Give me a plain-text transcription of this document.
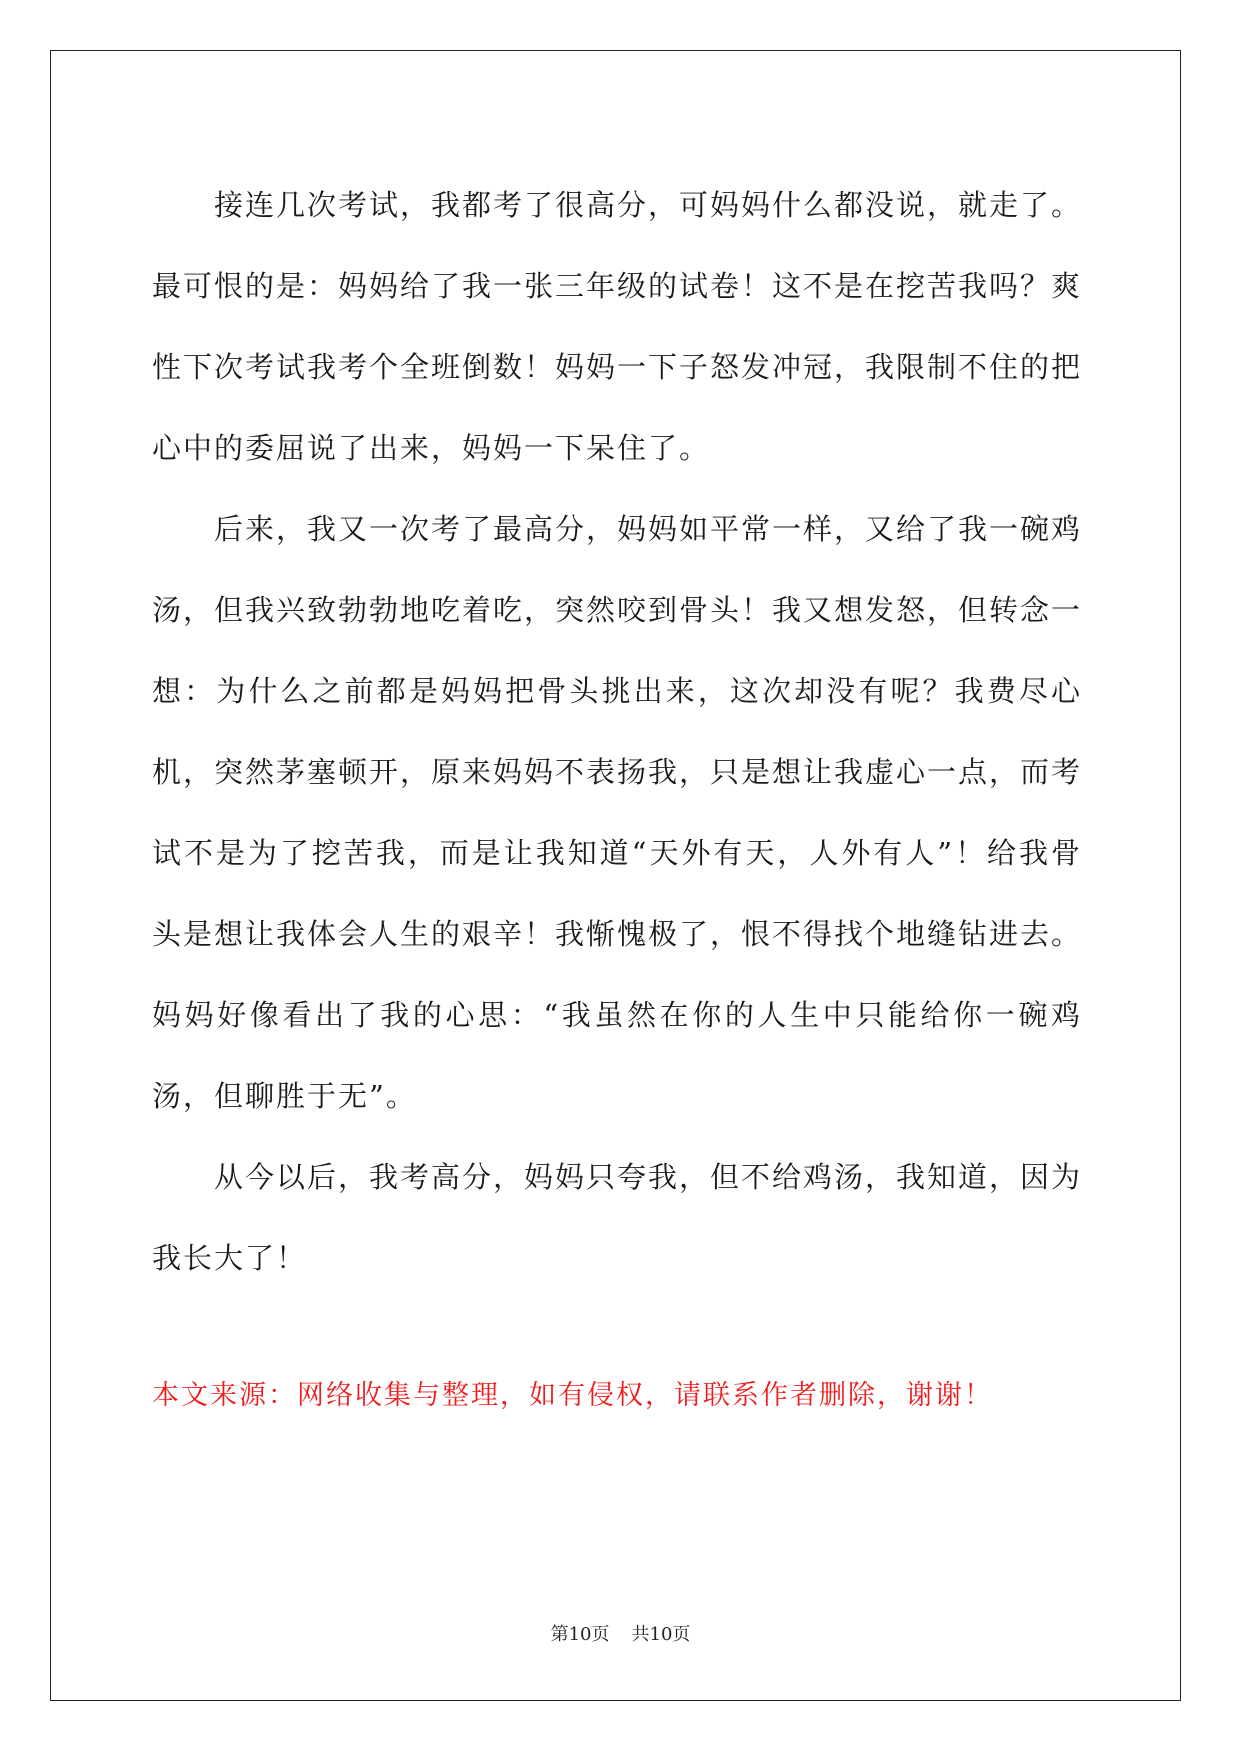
接连几次考试，我都考了很高分，可妈妈什么都没说，就走了。最可恨的是：妈妈给了我一张三年级的试卷！这不是在挖苦我吗？爽性下次考试我考个全班倒数！妈妈一下子怒发冲冠，我限制不住的把心中的委屈说了出来，妈妈一下呆住了。

后来，我又一次考了最高分，妈妈如平常一样，又给了我一碗鸡汤，但我兴致勃勃地吃着吃，突然咬到骨头！我又想发怒，但转念一想：为什么之前都是妈妈把骨头挑出来，这次却没有呢？我费尽心机，突然茅塞顿开，原来妈妈不表扬我，只是想让我虚心一点，而考试不是为了挖苦我，而是让我知道“天外有天，人外有人”！给我骨头是想让我体会人生的艰辛！我惭愧极了，恨不得找个地缝钻进去。妈妈好像看出了我的心思：“我虽然在你的人生中只能给你一碗鸡汤，但聊胜于无”。

从今以后，我考高分，妈妈只夸我，但不给鸡汤，我知道，因为我长大了！

本文来源：网络收集与整理，如有侵权，请联系作者删除，谢谢！

第10页 共10页
